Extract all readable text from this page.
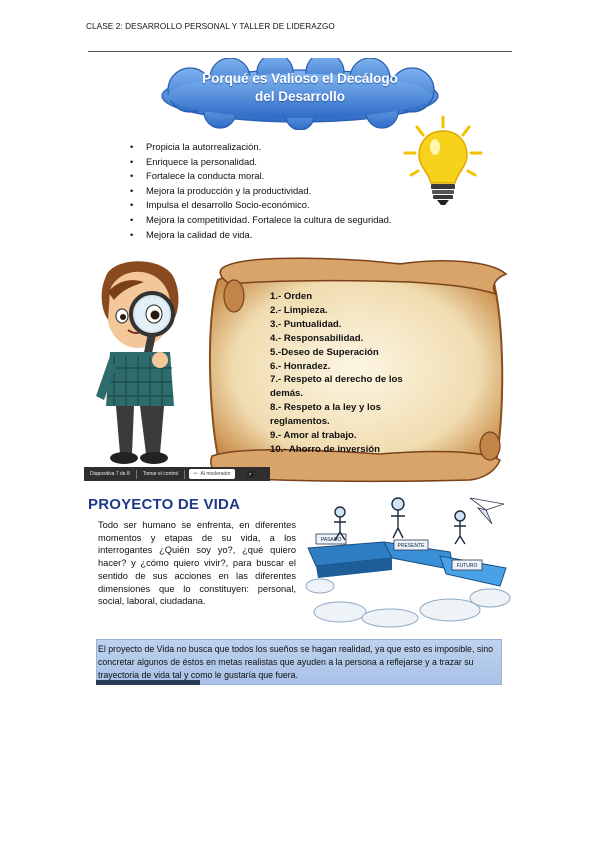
CLASE 2: DESARROLLO PERSONAL Y TALLER DE LIDERAZGO
Porqué es Valioso el Decálogo
del Desarrollo
• Propicia la autorrealización.
• Enriquece la personalidad.
• Fortalece la conducta moral.
• Mejora la producción y la productividad.
• Impulsa el desarrollo Socio-económico.
• Mejora la competitividad. Fortalece la cultura de seguridad.
• Mejora la calidad de vida.
1.- Orden
2.- Limpieza.
3.- Puntualidad.
4.- Responsabilidad.
5.-Deseo de Superación
6.- Honradez.
7.- Respeto al derecho de los
demás.
8.- Respeto a la ley y los
reglamentos.
9.- Amor al trabajo.
10.- Ahorro de inversión
Diapositiva 7 de 8	Tomar el control	⇨ Al moderador	7
PROYECTO DE VIDA

Todo ser humano se enfrenta, en diferentes momentos y etapas de su vida, a los interrogantes ¿Quién soy yo?, ¿qué quiero hacer? y ¿cómo quiero vivir?, para buscar el sentido de sus acciones en las diferentes dimensiones que lo constituyen: personal, social, laboral, ciudadana.

PASADO
PRESENTE
FUTURO

El proyecto de Vida no busca que todos los sueños se hagan realidad, ya que esto es imposible, sino concretar algunos de éstos en metas realistas que ayuden a la persona a reflejarse y a trazar su trayectoria de vida tal y como le gustaría que fuera.
